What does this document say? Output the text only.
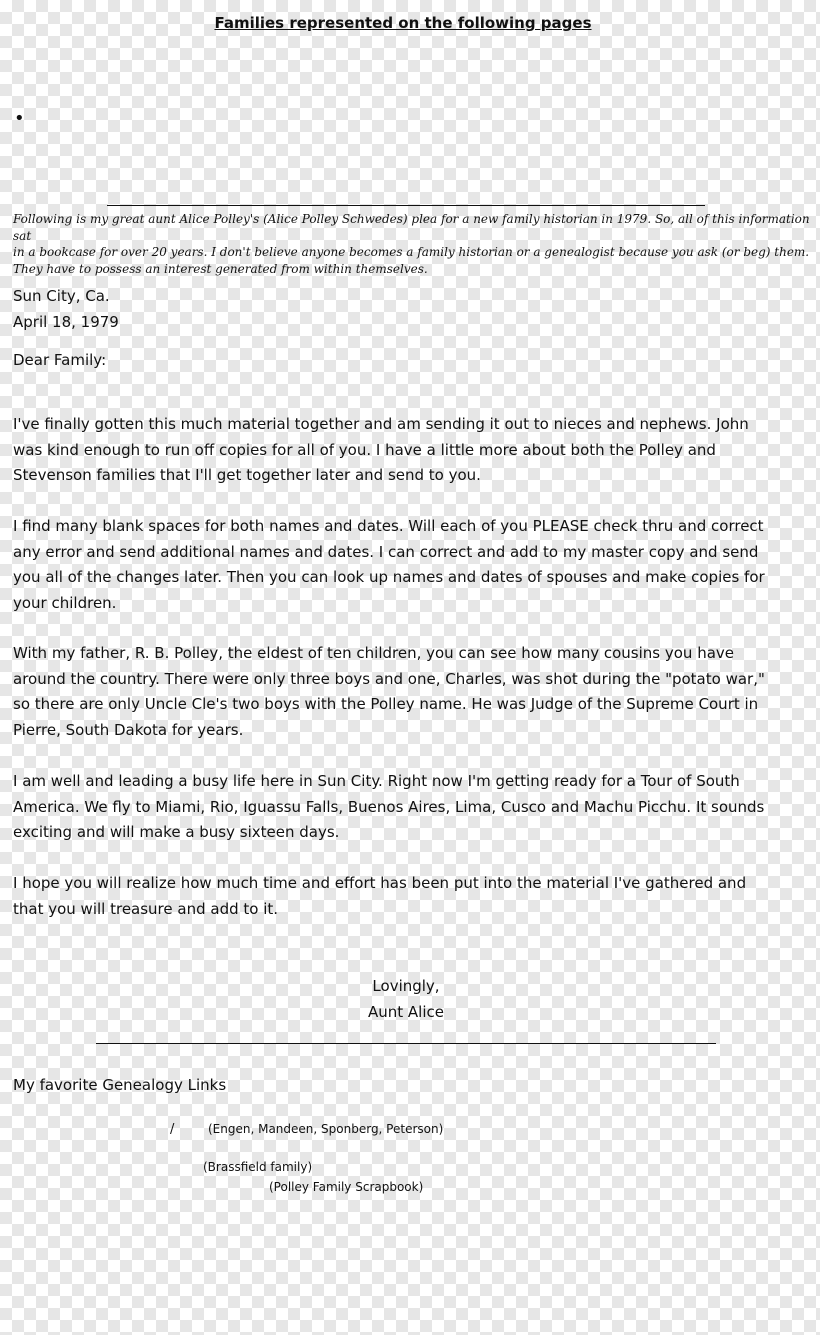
Families represented on the following pages
•
Following is my great aunt Alice Polley's (Alice Polley Schwedes) plea for a new family historian in 1979. So, all of this information sat
in a bookcase for over 20 years. I don't believe anyone becomes a family historian or a genealogist because you ask (or beg) them.
They have to possess an interest generated from within themselves.
Sun City, Ca.
April 18, 1979
Dear Family:
I've finally gotten this much material together and am sending it out to nieces and nephews. John
was kind enough to run off copies for all of you. I have a little more about both the Polley and
Stevenson families that I'll get together later and send to you.
I find many blank spaces for both names and dates. Will each of you PLEASE check thru and correct
any error and send additional names and dates. I can correct and add to my master copy and send
you all of the changes later. Then you can look up names and dates of spouses and make copies for
your children.
With my father, R. B. Polley, the eldest of ten children, you can see how many cousins you have
around the country. There were only three boys and one, Charles, was shot during the "potato war,"
so there are only Uncle Cle's two boys with the Polley name. He was Judge of the Supreme Court in
Pierre, South Dakota for years.
I am well and leading a busy life here in Sun City. Right now I'm getting ready for a Tour of South
America. We fly to Miami, Rio, Iguassu Falls, Buenos Aires, Lima, Cusco and Machu Picchu. It sounds
exciting and will make a busy sixteen days.
I hope you will realize how much time and effort has been put into the material I've gathered and
that you will treasure and add to it.
Lovingly,
Aunt Alice
My favorite Genealogy Links
/	(Engen, Mandeen, Sponberg, Peterson)
(Brassfield family)
(Polley Family Scrapbook)
